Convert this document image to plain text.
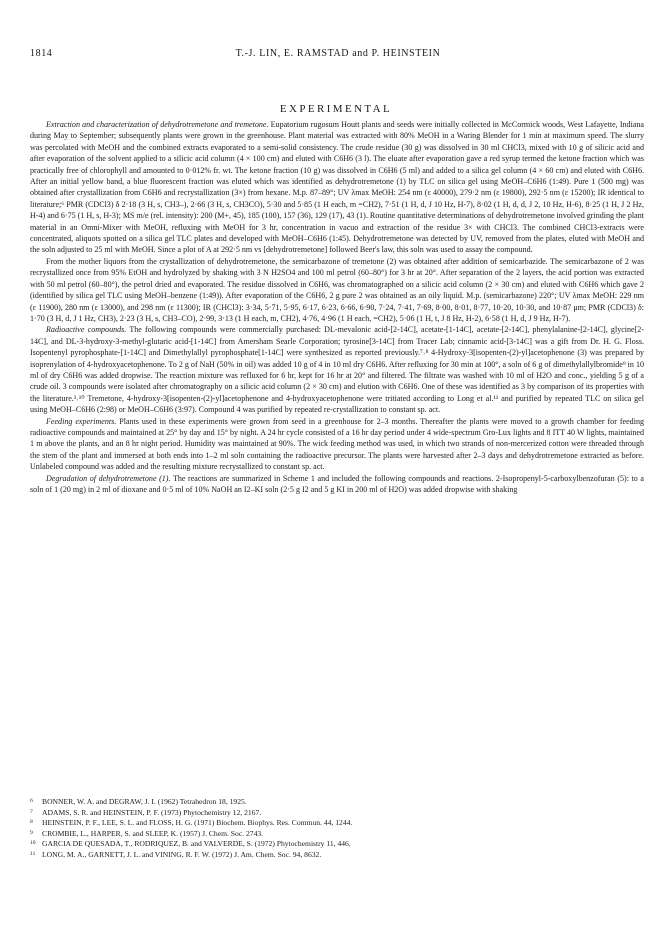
1814	T.-J. LIN, E. RAMSTAD and P. HEINSTEIN
EXPERIMENTAL

Extraction and characterization of dehydrotremetone and tremetone. Eupatorium rugosum Houtt plants and seeds were initially collected in McCormick woods, West Lafayette, Indiana during May to September; subsequently plants were grown in the greenhouse. Plant material was extracted with 80% MeOH in a Waring Blender for 1 min at maximum speed. The slurry was percolated with MeOH and the combined extracts evaporated to a semi-solid consistency. The crude residue (30 g) was dissolved in 30 ml CHCl3, mixed with 10 g of silicic acid and after evaporation of the solvent applied to a silicic acid column (4 × 100 cm) and eluted with C6H6 (3 l). The eluate after evaporation gave a red syrup termed the ketone fraction which was practically free of chlorophyll and amounted to 0·012% fr. wt. The ketone fraction (10 g) was dissolved in C6H6 (5 ml) and added to a silica gel column (4 × 60 cm) and eluted with C6H6. After an initial yellow band, a blue fluorescent fraction was eluted which was identified as dehydrotremetone (1) by TLC on silica gel using MeOH–C6H6 (1:49). Pure 1 (500 mg) was obtained after crystallization from C6H6 and recrystallization (3×) from hexane. M.p. 87–89°; UV λmax MeOH: 254 nm (ε 40000), 279·2 nm (ε 19800), 292·5 nm (ε 15200); IR identical to literature;⁶ PMR (CDCl3) δ 2·18 (3 H, s, CH3–), 2·66 (3 H, s, CH3CO), 5·30 and 5·85 (1 H each, m =CH2), 7·51 (1 H, d, J 10 Hz, H-7), 8·02 (1 H, d, d, J 2, 10 Hz, H-6), 8·25 (1 H, J 2 Hz, H-4) and 6·75 (1 H, s, H-3); MS m/e (rel. intensity): 200 (M+, 45), 185 (100), 157 (36), 129 (17), 43 (1). Routine quantitative determinations of dehydrotremetone involved grinding the plant material in an Omni-Mixer with MeOH, refluxing with MeOH for 3 hr, concentration in vacuo and extraction of the residue 3× with CHCl3. The combined CHCl3-extracts were concentrated, aliquots spotted on a silica gel TLC plates and developed with MeOH–C6H6 (1:45). Dehydrotremetone was detected by UV, removed from the plates, eluted with MeOH and the soln adjusted to 25 ml with MeOH. Since a plot of A at 292·5 nm vs [dehydrotremetone] followed Beer's law, this soln was used to assay the compound.

From the mother liquors from the crystallization of dehydrotremetone, the semicarbazone of tremetone (2) was obtained after addition of semicarbazide. The semicarbazone of 2 was recrystallized once from 95% EtOH and hydrolyzed by shaking with 3 N H2SO4 and 100 ml petrol (60–80°) for 3 hr at 20°. After separation of the 2 layers, the acid portion was extracted with 50 ml petrol (60–80°), the petrol dried and evaporated. The residue dissolved in C6H6, was chromatographed on a silicic acid column (2 × 30 cm) and eluted with C6H6 which gave 2 (identified by silica gel TLC using MeOH–benzene (1:49)). After evaporation of the C6H6, 2 g pure 2 was obtained as an oily liquid. M.p. (semicarbazone) 220°; UV λmax MeOH: 229 nm (ε 11900), 280 nm (ε 13000), and 298 nm (ε 11300); IR (CHCl3): 3·34, 5·71, 5·95, 6·17, 6·23, 6·66, 6·90, 7·24, 7·41, 7·69, 8·00, 8·01, 8·77, 10·20, 10·30, and 10·87 μm; PMR (CDCl3) δ: 1·70 (3 H, d, J 1 Hz, CH3), 2·23 (3 H, s, CH3–CO), 2·99, 3·13 (1 H each, m, CH2), 4·76, 4·96 (1 H each, =CH2), 5·06 (1 H, t, J 8 Hz, H-2), 6·58 (1 H, d, J 9 Hz, H-7).

Radioactive compounds. The following compounds were commercially purchased: DL-mevalonic acid-[2-14C], acetate-[1-14C], acetate-[2-14C], phenylalanine-[2-14C], glycine[2-14C], and DL-3-hydroxy-3-methyl-glutaric acid-[1-14C] from Amersham Searle Corporation; tyrosine[3-14C] from Tracer Lab; cinnamic acid-[3-14C] was a gift from Dr. H. G. Floss. Isopentenyl pyrophosphate-[1-14C] and Dimethylallyl pyrophosphate[1-14C] were synthesized as reported previously.⁷˒⁸ 4-Hydroxy-3[isopenten-(2)-yl]acetophenone (3) was prepared by isoprenylation of 4-hydroxyacetophenone. To 2 g of NaH (50% in oil) was added 10 g of 4 in 10 ml dry C6H6. After refluxing for 30 min at 100°, a soln of 6 g of dimethylallylbromide⁹ in 10 ml of dry C6H6 was added dropwise. The reaction mixture was refluxed for 6 hr, kept for 16 hr at 20° and filtered. The filtrate was washed with 10 ml of H2O and conc., yielding 5 g of a crude oil. 3 compounds were isolated after chromatography on a silicic acid column (2 × 30 cm) and elution with C6H6. One of these was identified as 3 by comparison of its properties with the literature.³˒¹⁰ Tremetone, 4-hydroxy-3[isopenten-(2)-yl]acetophenone and 4-hydroxyacetophenone were tritiated according to Long et al.¹¹ and purified by repeated TLC on silica gel using MeOH–C6H6 (2:98) or MeOH–C6H6 (3:97). Compound 4 was purified by repeated re-crystallization to constant sp. act.

Feeding experiments. Plants used in these experiments were grown from seed in a greenhouse for 2–3 months. Thereafter the plants were moved to a growth chamber for feeding radioactive compounds and maintained at 25° by day and 15° by night. A 24 hr cycle consisted of a 16 hr day period under 4 wide-spectrum Gro-Lux lights and 8 ITT 40 W lights, maintained 1 m above the plants, and an 8 hr night period. Humidity was maintained at 90%. The wick feeding method was used, in which two strands of non-mercerized cotton were threaded through the stem of the plant and immersed at both ends into 1–2 ml soln containing the radioactive precursor. The plants were harvested after 2–3 days and dehydrotremetone extracted as before. Unlabeled compound was added and the resulting mixture recrystallized to constant sp. act.

Degradation of dehydrotremetone (1). The reactions are summarized in Scheme 1 and included the following compounds and reactions. 2-Isopropenyl-5-carboxylbenzofuran (5): to a soln of 1 (20 mg) in 2 ml of dioxane and 0·5 ml of 10% NaOH an I2–KI soln (2·5 g I2 and 5 g KI in 200 ml of H2O) was added dropwise with shaking

6 BONNER, W. A. and DEGRAW, J. I. (1962) Tetrahedron 18, 1925.
7 ADAMS, S. R. and HEINSTEIN, P. F. (1973) Phytochemistry 12, 2167.
8 HEINSTEIN, P. F., LEE, S. L. and FLOSS, H. G. (1971) Biochem. Biophys. Res. Commun. 44, 1244.
9 CROMBIE, L., HARPER, S. and SLEEP, K. (1957) J. Chem. Soc. 2743.
10 GARCIA DE QUESADA, T., RODRIQUEZ, B. and VALVERDE, S. (1972) Phytochemistry 11, 446.
11 LONG, M. A., GARNETT, J. L. and VINING, R. F. W. (1972) J. Am. Chem. Soc. 94, 8632.
